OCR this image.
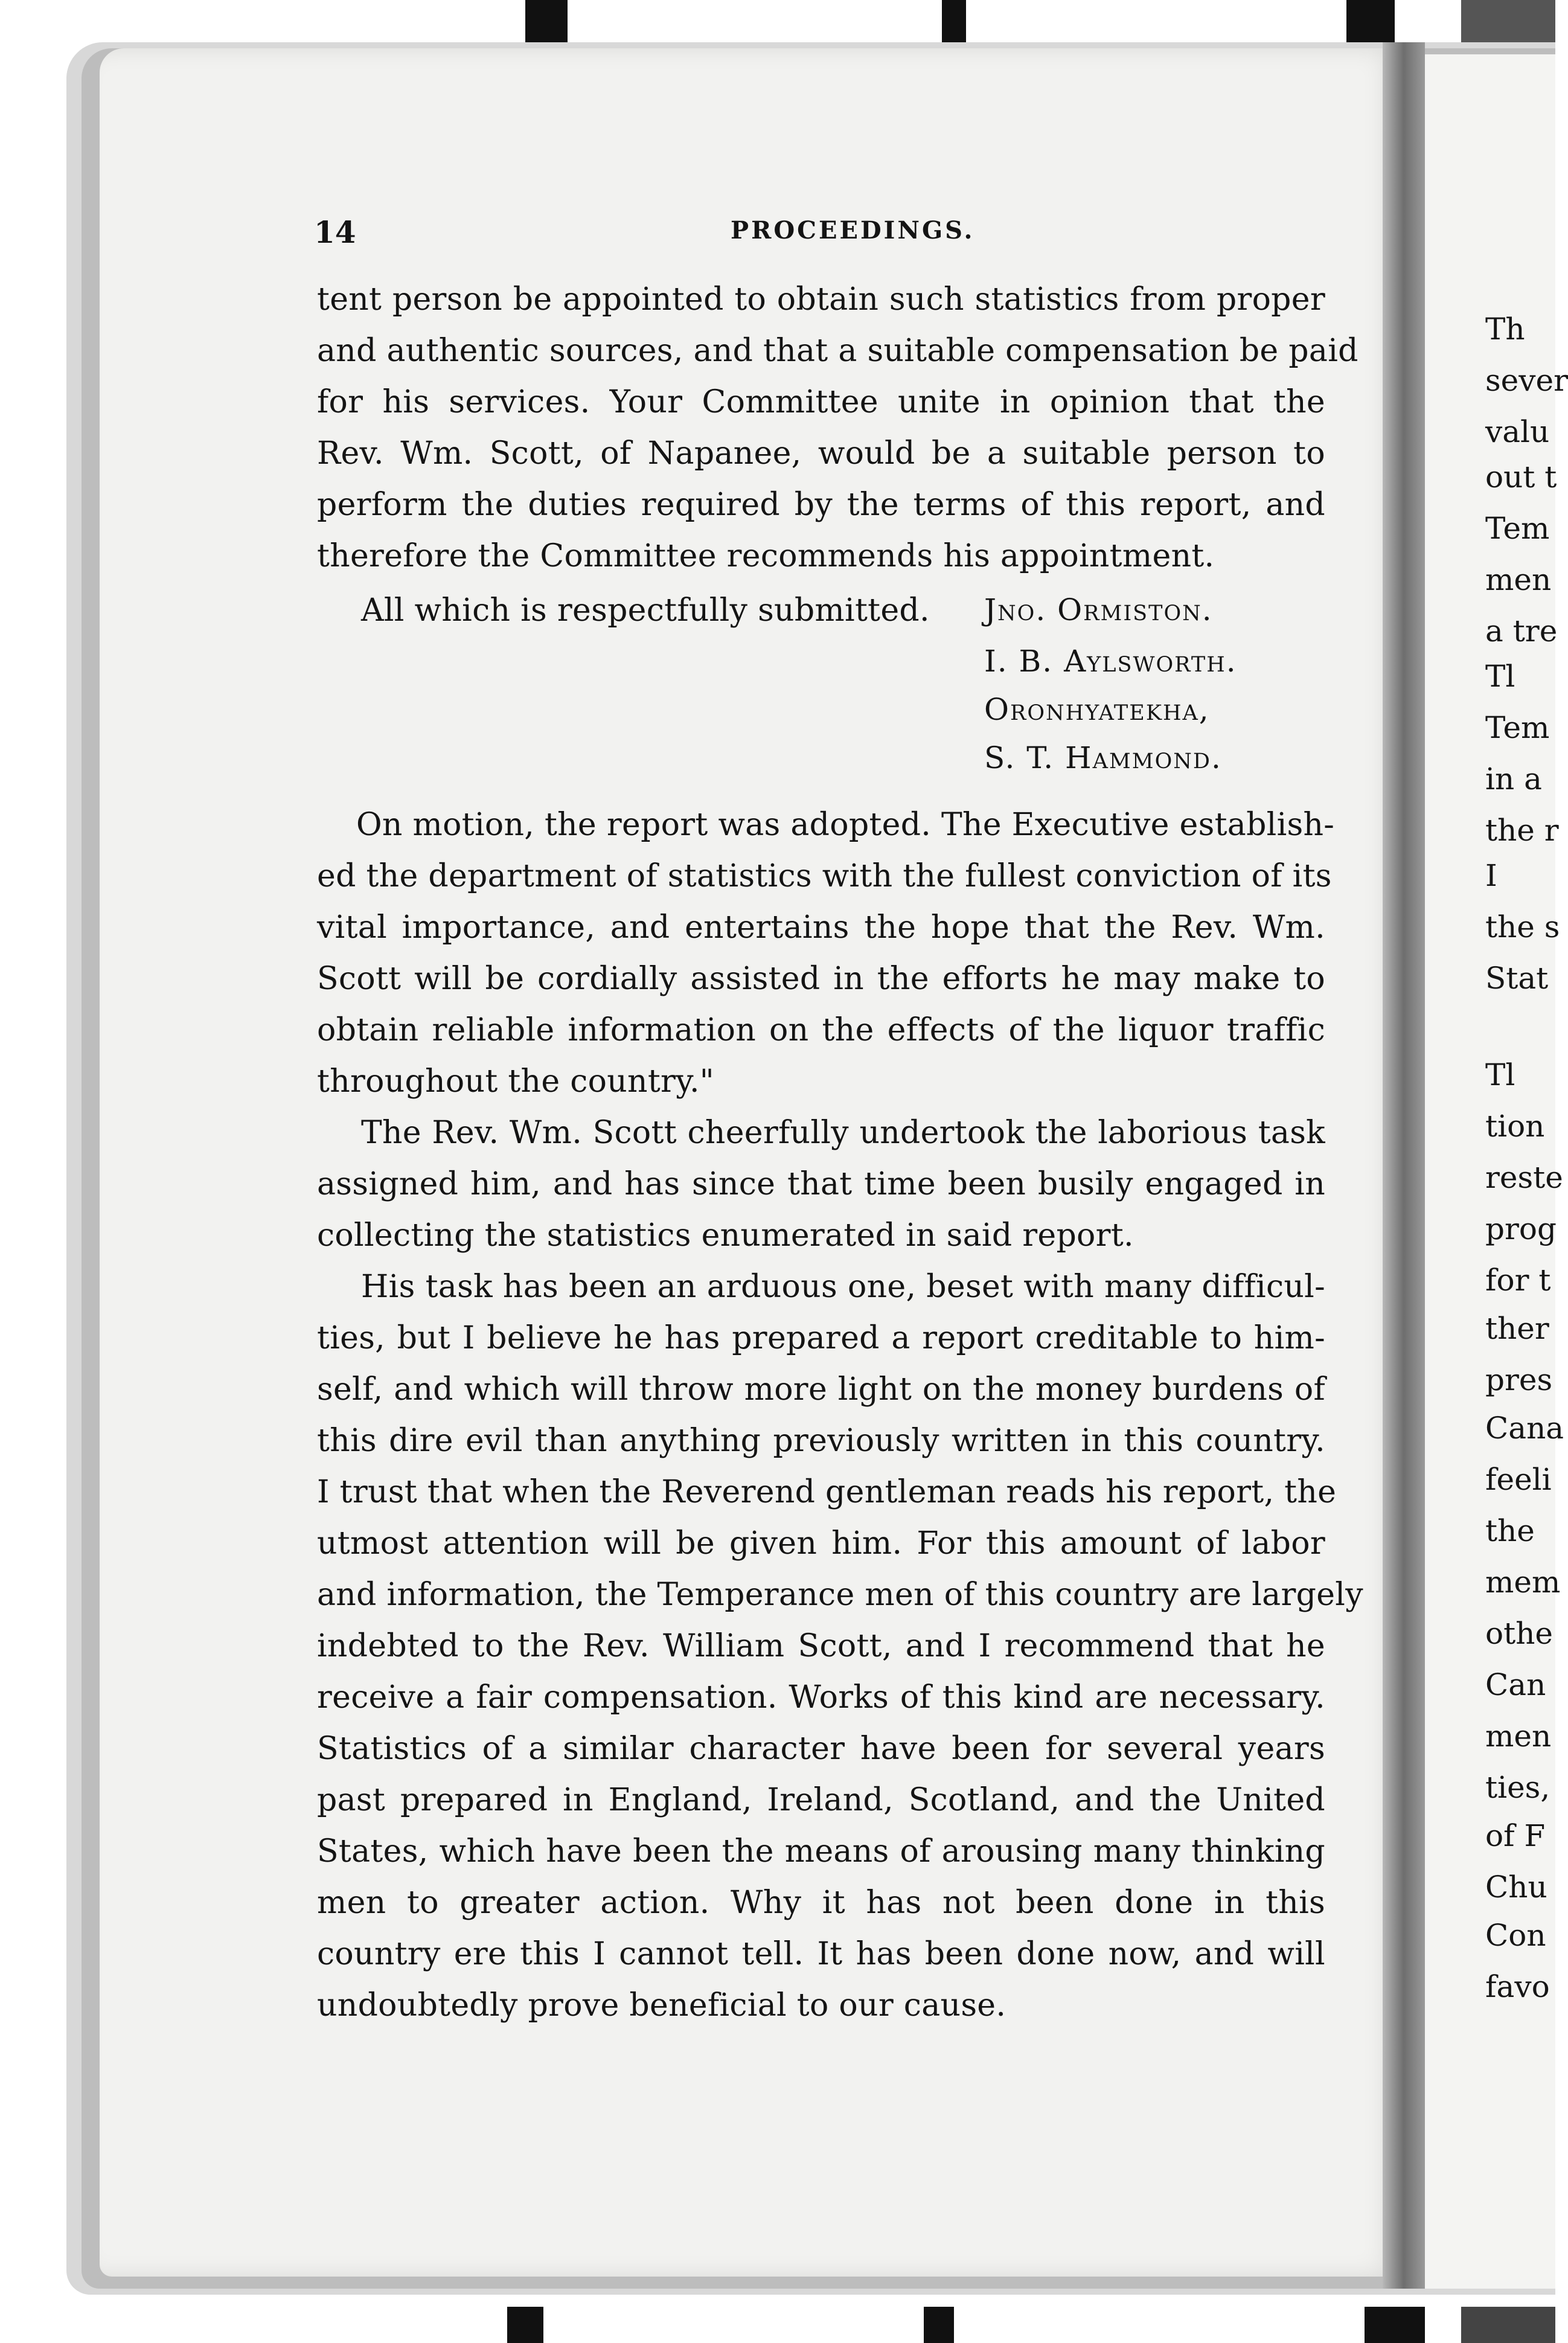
14	PROCEEDINGS.
tent person be appointed to obtain such statistics from proper
and authentic sources, and that a suitable compensation be paid
for his services. Your Committee unite in opinion that the
Rev. Wm. Scott, of Napanee, would be a suitable person to
perform the duties required by the terms of this report, and
therefore the Committee recommends his appointment.
All which is respectfully submitted. Jno. Ormiston.
I. B. Aylsworth.
Oronhyatekha,
S. T. Hammond.
On motion, the report was adopted. The Executive establish-
ed the department of statistics with the fullest conviction of its
vital importance, and entertains the hope that the Rev. Wm.
Scott will be cordially assisted in the efforts he may make to
obtain reliable information on the effects of the liquor traffic
throughout the country."
The Rev. Wm. Scott cheerfully undertook the laborious task
assigned him, and has since that time been busily engaged in
collecting the statistics enumerated in said report.
His task has been an arduous one, beset with many difficul-
ties, but I believe he has prepared a report creditable to him-
self, and which will throw more light on the money burdens of
this dire evil than anything previously written in this country.
I trust that when the Reverend gentleman reads his report, the
utmost attention will be given him. For this amount of labor
and information, the Temperance men of this country are largely
indebted to the Rev. William Scott, and I recommend that he
receive a fair compensation. Works of this kind are necessary.
Statistics of a similar character have been for several years
past prepared in England, Ireland, Scotland, and the United
States, which have been the means of arousing many thinking
men to greater action. Why it has not been done in this
country ere this I cannot tell. It has been done now, and will
undoubtedly prove beneficial to our cause.
Th
sever
valu
out t
Tem
men
a tre
Tl
Tem
in a
the r
I
the s
Stat
Tl
tion
reste
prog
for t
ther
pres
Cana
feeli
the
mem
othe
Can
men
ties,
of F
Chu
Con
favo
